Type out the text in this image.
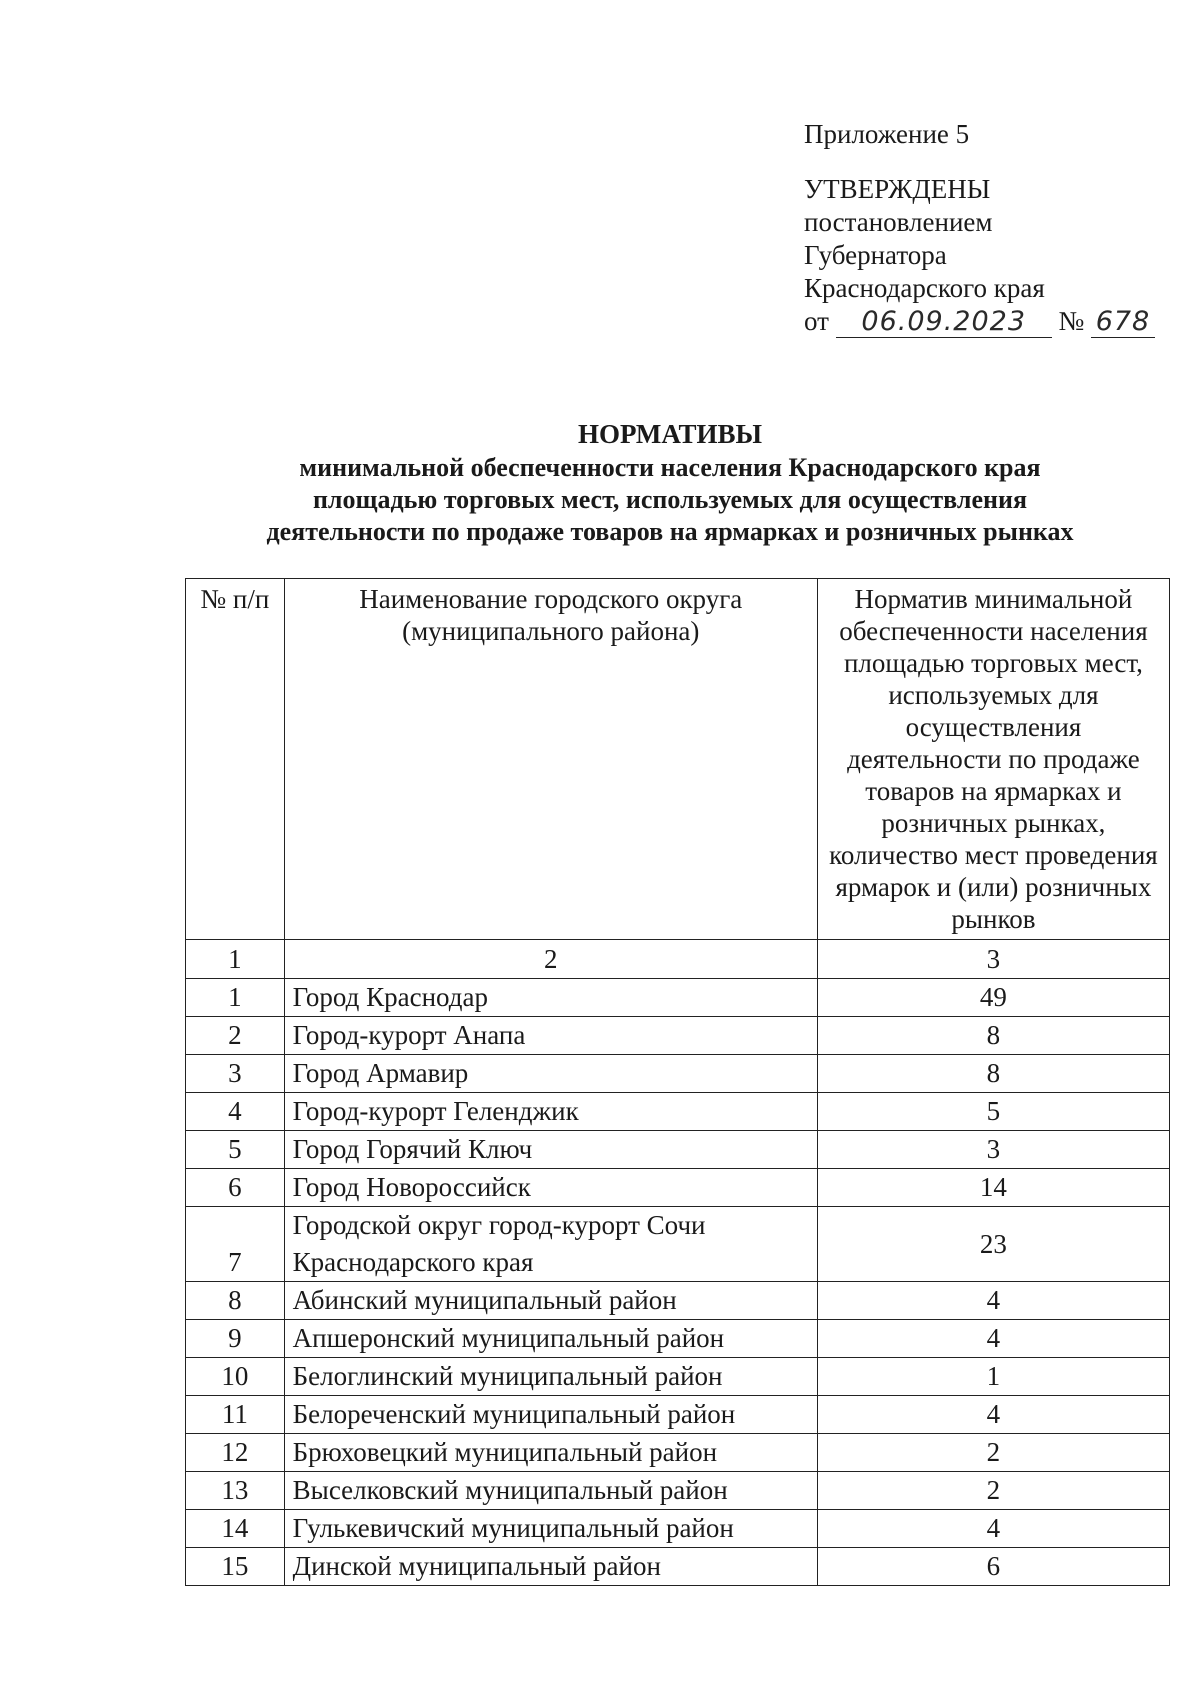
Приложение 5
УТВЕРЖДЕНЫ
постановлением
Губернатора
Краснодарского края
от 06.09.2023 № 678
НОРМАТИВЫ
минимальной обеспеченности населения Краснодарского края
площадью торговых мест, используемых для осуществления
деятельности по продаже товаров на ярмарках и розничных рынках
№ п/п	Наименование городского округа (муниципального района)	Норматив минимальной обеспеченности населения площадью торговых мест, используемых для осуществления деятельности по продаже товаров на ярмарках и розничных рынках, количество мест проведения ярмарок и (или) розничных рынков
1	2	3
1	Город Краснодар	49
2	Город-курорт Анапа	8
3	Город Армавир	8
4	Город-курорт Геленджик	5
5	Город Горячий Ключ	3
6	Город Новороссийск	14
7	Городской округ город-курорт Сочи Краснодарского края	23
8	Абинский муниципальный район	4
9	Апшеронский муниципальный район	4
10	Белоглинский муниципальный район	1
11	Белореченский муниципальный район	4
12	Брюховецкий муниципальный район	2
13	Выселковский муниципальный район	2
14	Гулькевичский муниципальный район	4
15	Динской муниципальный район	6
